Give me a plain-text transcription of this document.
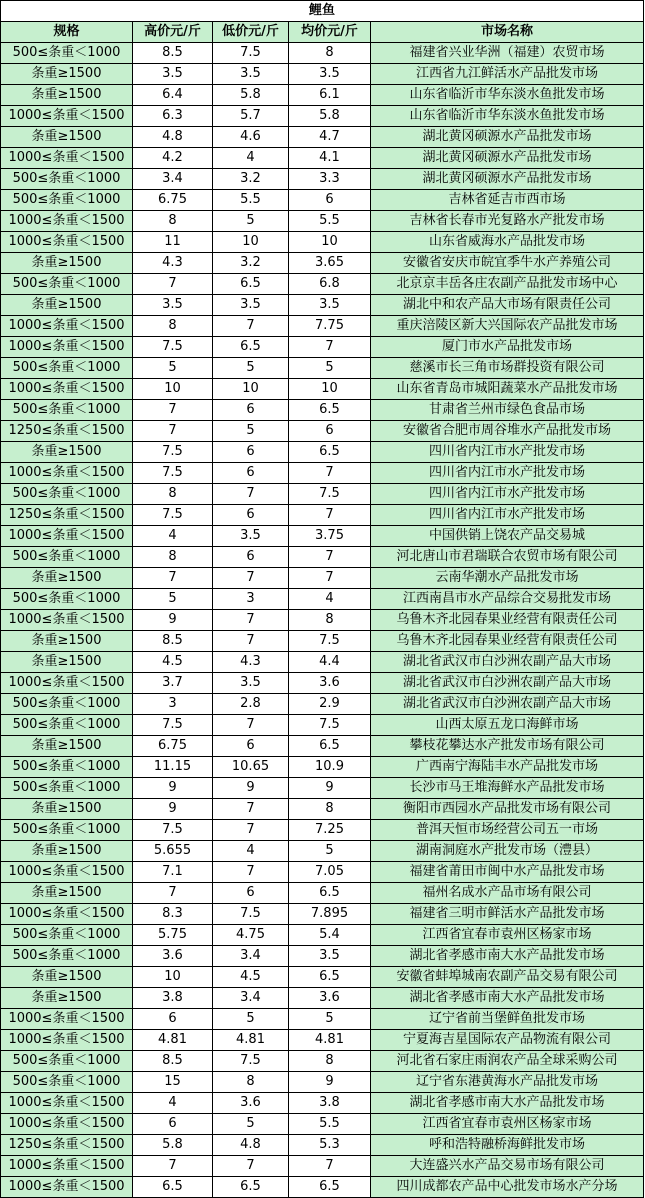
鲤鱼				
规格	高价元/斤	低价元/斤	均价元/斤	市场名称
500≤条重＜1000	8.5	7.5	8	福建省兴业华洲（福建）农贸市场
条重≥1500	3.5	3.5	3.5	江西省九江鲜活水产品批发市场
条重≥1500	6.4	5.8	6.1	山东省临沂市华东淡水鱼批发市场
1000≤条重＜1500	6.3	5.7	5.8	山东省临沂市华东淡水鱼批发市场
条重≥1500	4.8	4.6	4.7	湖北黄冈硕源水产品批发市场
1000≤条重＜1500	4.2	4	4.1	湖北黄冈硕源水产品批发市场
500≤条重＜1000	3.4	3.2	3.3	湖北黄冈硕源水产品批发市场
500≤条重＜1000	6.75	5.5	6	吉林省延吉市西市场
1000≤条重＜1500	8	5	5.5	吉林省长春市光复路水产批发市场
1000≤条重＜1500	11	10	10	山东省威海水产品批发市场
条重≥1500	4.3	3.2	3.65	安徽省安庆市皖宜季牛水产养殖公司
500≤条重＜1000	7	6.5	6.8	北京京丰岳各庄农副产品批发市场中心
条重≥1500	3.5	3.5	3.5	湖北中和农产品大市场有限责任公司
1000≤条重＜1500	8	7	7.75	重庆涪陵区新大兴国际农产品批发市场
1000≤条重＜1500	7.5	6.5	7	厦门市水产品批发市场
500≤条重＜1000	5	5	5	慈溪市长三角市场群投资有限公司
1000≤条重＜1500	10	10	10	山东省青岛市城阳蔬菜水产品批发市场
500≤条重＜1000	7	6	6.5	甘肃省兰州市绿色食品市场
1250≤条重＜1500	7	5	6	安徽省合肥市周谷堆水产品批发市场
条重≥1500	7.5	6	6.5	四川省内江市水产批发市场
1000≤条重＜1500	7.5	6	7	四川省内江市水产批发市场
500≤条重＜1000	8	7	7.5	四川省内江市水产批发市场
1250≤条重＜1500	7.5	6	7	四川省内江市水产批发市场
1000≤条重＜1500	4	3.5	3.75	中国供销上饶农产品交易城
500≤条重＜1000	8	6	7	河北唐山市君瑞联合农贸市场有限公司
条重≥1500	7	7	7	云南华潮水产品批发市场
500≤条重＜1000	5	3	4	江西南昌市水产品综合交易批发市场
1000≤条重＜1500	9	7	8	乌鲁木齐北园春果业经营有限责任公司
条重≥1500	8.5	7	7.5	乌鲁木齐北园春果业经营有限责任公司
条重≥1500	4.5	4.3	4.4	湖北省武汉市白沙洲农副产品大市场
1000≤条重＜1500	3.7	3.5	3.6	湖北省武汉市白沙洲农副产品大市场
500≤条重＜1000	3	2.8	2.9	湖北省武汉市白沙洲农副产品大市场
500≤条重＜1000	7.5	7	7.5	山西太原五龙口海鲜市场
条重≥1500	6.75	6	6.5	攀枝花攀达水产批发市场有限公司
500≤条重＜1000	11.15	10.65	10.9	广西南宁海陆丰水产品批发市场
500≤条重＜1000	9	9	9	长沙市马王堆海鲜水产品批发市场
条重≥1500	9	7	8	衡阳市西园水产品批发市场有限公司
500≤条重＜1000	7.5	7	7.25	普洱天恒市场经营公司五一市场
条重≥1500	5.655	4	5	湖南洞庭水产批发市场（澧县）
1000≤条重＜1500	7.1	7	7.05	福建省莆田市闽中水产品批发市场
条重≥1500	7	6	6.5	福州名成水产品市场有限公司
1000≤条重＜1500	8.3	7.5	7.895	福建省三明市鲜活水产品批发市场
500≤条重＜1000	5.75	4.75	5.4	江西省宜春市袁州区杨家市场
500≤条重＜1000	3.6	3.4	3.5	湖北省孝感市南大水产品批发市场
条重≥1500	10	4.5	6.5	安徽省蚌埠城南农副产品交易有限公司
条重≥1500	3.8	3.4	3.6	湖北省孝感市南大水产品批发市场
1000≤条重＜1500	6	5	5	辽宁省前当堡鲜鱼批发市场
1000≤条重＜1500	4.81	4.81	4.81	宁夏海吉星国际农产品物流有限公司
500≤条重＜1000	8.5	7.5	8	河北省石家庄雨润农产品全球采购公司
500≤条重＜1000	15	8	9	辽宁省东港黄海水产品批发市场
1000≤条重＜1500	4	3.6	3.8	湖北省孝感市南大水产品批发市场
1000≤条重＜1500	6	5	5.5	江西省宜春市袁州区杨家市场
1250≤条重＜1500	5.8	4.8	5.3	呼和浩特融桥海鲜批发市场
1000≤条重＜1500	7	7	7	大连盛兴水产品交易市场有限公司
1000≤条重＜1500	6.5	6.5	6.5	四川成都农产品中心批发市场水产分场
